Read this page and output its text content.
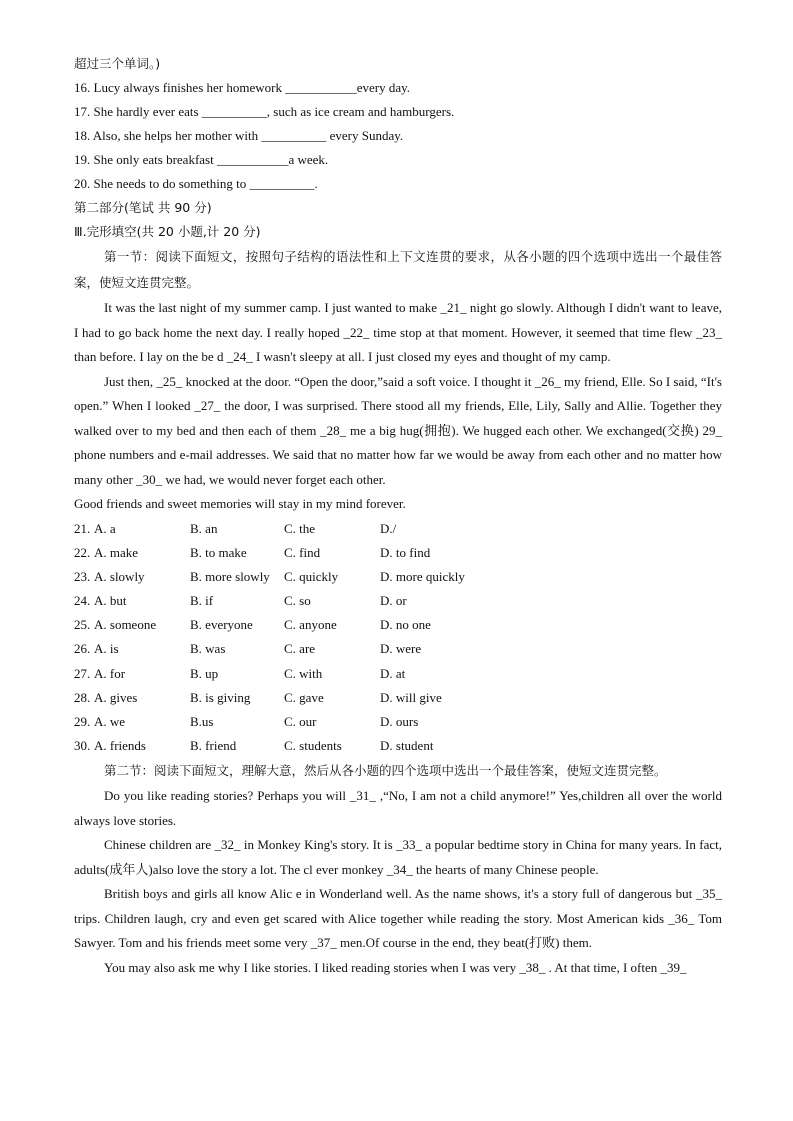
超过三个单词。)
16. Lucy always finishes her homework ___________every day.
17. She hardly ever eats __________, such as ice cream and hamburgers.
18. Also, she helps her mother with __________ every Sunday.
19. She only eats breakfast ___________a week.
20. She needs to do something to __________.
第二部分(笔试 共 90 分)
Ⅲ.完形填空(共 20 小题,计 20 分)

第一节：阅读下面短文，按照句子结构的语法性和上下文连贯的要求，从各小题的四个选项中选出一个最佳答案，使短文连贯完整。

It was the last night of my summer camp. I just wanted to make _21_ night go slowly. Although I didn't want to leave, I had to go back home the next day. I really hoped _22_ time stop at that moment. However, it seemed that time flew _23_ than before. I lay on the be d _24_ I wasn't sleepy at all. I just closed my eyes and thought of my camp.

Just then, _25_ knocked at the door. “Open the door,”said a soft voice. I thought it _26_ my friend, Elle. So I said, “It's open.” When I looked _27_ the door, I was surprised. There stood all my friends, Elle, Lily, Sally and Allie. Together they walked over to my bed and then each of them _28_ me a big hug(拥抱). We hugged each other. We exchanged(交换) 29_ phone numbers and e-mail addresses. We said that no matter how far we would be away from each other and no matter how many other _30_ we had, we would never forget each other.

Good friends and sweet memories will stay in my mind forever.

21. A. a	B. an	C. the	D./
22. A. make	B. to make	C. find	D. to find
23. A. slowly	B. more slowly	C. quickly	D. more quickly
24. A. but	B. if	C. so	D. or
25. A. someone	B. everyone	C. anyone	D. no one
26. A. is	B. was	C. are	D. were
27. A. for	B. up	C. with	D. at
28. A. gives	B. is giving	C. gave	D. will give
29. A. we	B.us	C. our	D. ours
30. A. friends	B. friend	C. students	D. student

第二节：阅读下面短文，理解大意，然后从各小题的四个选项中选出一个最佳答案，使短文连贯完整。

Do you like reading stories? Perhaps you will _31_ ,“No, I am not a child anymore!” Yes,children all over the world always love stories.

Chinese children are _32_ in Monkey King's story. It is _33_ a popular bedtime story in China for many years. In fact, adults(成年人)also love the story a lot. The cl ever monkey _34_ the hearts of many Chinese people.

British boys and girls all know Alic e in Wonderland well. As the name shows, it's a story full of dangerous but _35_ trips. Children laugh, cry and even get scared with Alice together while reading the story. Most American kids _36_ Tom Sawyer. Tom and his friends meet some very _37_ men.Of course in the end, they beat(打败) them.

You may also ask me why I like stories. I liked reading stories when I was very _38_ . At that time, I often _39_
